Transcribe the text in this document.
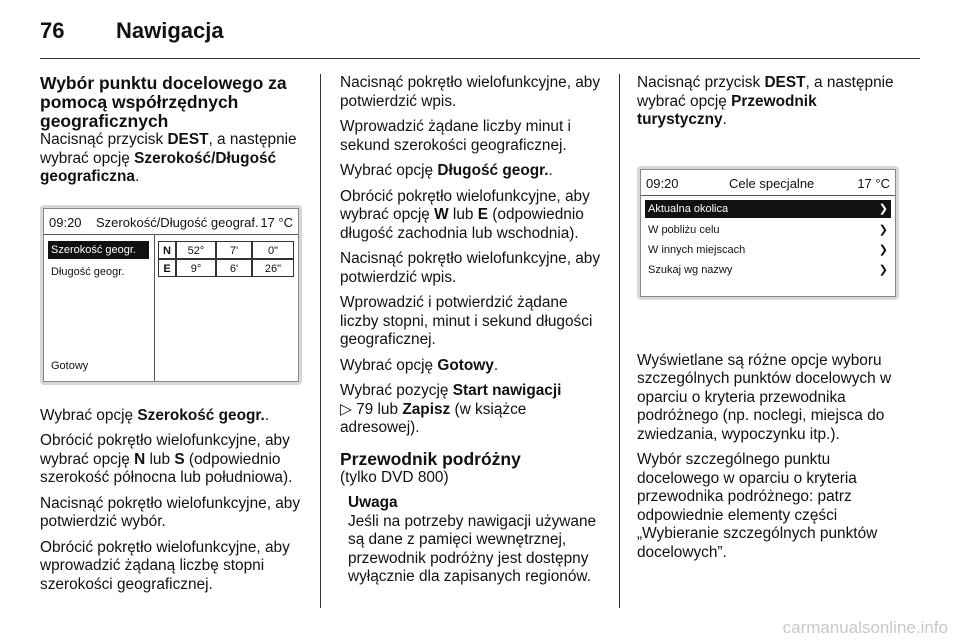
76 Nawigacja
Wybór punktu docelowego za pomocą współrzędnych geograficznych

Nacisnąć przycisk DEST, a następnie wybrać opcję Szerokość/Długość geograficzna.

09:20 Szerokość/Długość geograf. 17 °C
Szerokość geogr.
Długość geogr.
Gotowy
N	52°	7'	0"
E	9°	6'	26"

Wybrać opcję Szerokość geogr..

Obrócić pokrętło wielofunkcyjne, aby wybrać opcję N lub S (odpowiednio szerokość północna lub południowa).

Nacisnąć pokrętło wielofunkcyjne, aby potwierdzić wybór.

Obrócić pokrętło wielofunkcyjne, aby wprowadzić żądaną liczbę stopni szerokości geograficznej.

Nacisnąć pokrętło wielofunkcyjne, aby potwierdzić wpis.

Wprowadzić żądane liczby minut i sekund szerokości geograficznej.

Wybrać opcję Długość geogr..

Obrócić pokrętło wielofunkcyjne, aby wybrać opcję W lub E (odpowiednio długość zachodnia lub wschodnia).

Nacisnąć pokrętło wielofunkcyjne, aby potwierdzić wpis.

Wprowadzić i potwierdzić żądane liczby stopni, minut i sekund długości geograficznej.

Wybrać opcję Gotowy.

Wybrać pozycję Start nawigacji
▷ 79 lub Zapisz (w książce adresowej).

Przewodnik podróżny

(tylko DVD 800)

Uwaga
Jeśli na potrzeby nawigacji używane są dane z pamięci wewnętrznej, przewodnik podróżny jest dostępny wyłącznie dla zapisanych regionów.

Nacisnąć przycisk DEST, a następnie wybrać opcję Przewodnik turystyczny.

09:20	Cele specjalne	17 °C
Aktualna okolica	❯
W pobliżu celu	❯
W innych miejscach	❯
Szukaj wg nazwy	❯

Wyświetlane są różne opcje wyboru szczególnych punktów docelowych w oparciu o kryteria przewodnika podróżnego (np. noclegi, miejsca do zwiedzania, wypoczynku itp.).

Wybór szczególnego punktu docelowego w oparciu o kryteria przewodnika podróżnego: patrz odpowiednie elementy części „Wybieranie szczególnych punktów docelowych”.

carmanualsonline.info
